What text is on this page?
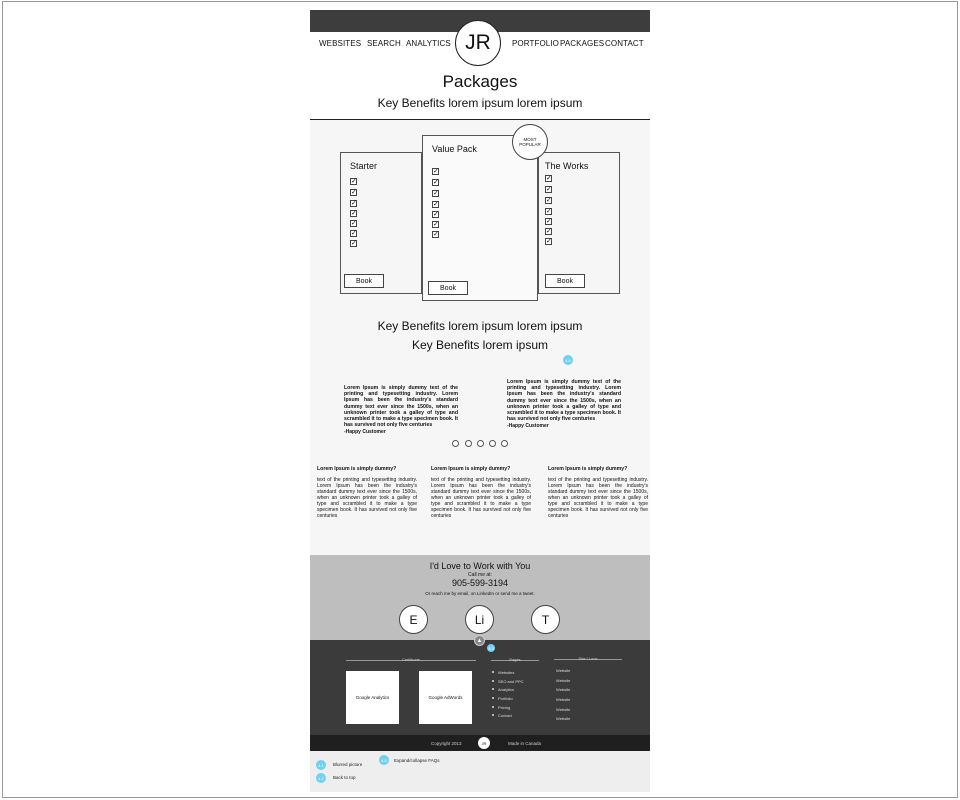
WEBSITES SEARCH ANALYTICS	PORTFOLIO PACKAGES CONTACT
JR
Packages
Key Benefits lorem ipsum lorem ipsum
Starter
✓
✓
✓
✓
✓
✓
✓
Book
The Works
✓
✓
✓
✓
✓
✓
✓
Book
Value Pack
✓
✓
✓
✓
✓
✓
✓
Book
MOST POPULAR
Key Benefits lorem ipsum lorem ipsum
Key Benefits lorem ipsum
4.5
Lorem Ipsum is simply dummy text of the printing and typesetting industry. Lorem Ipsum has been the industry's standard dummy text ever since the 1500s, when an unknown printer took a galley of type and scrambled it to make a type specimen book. It has survived not only five centuries
-Happy Customer
Lorem Ipsum is simply dummy text of the printing and typesetting industry. Lorem Ipsum has been the industry's standard dummy text ever since the 1500s, when an unknown printer took a galley of type and scrambled it to make a type specimen book. It has survived not only five centuries
-Happy Customer
Lorem Ipsum is simply dummy?
text of the printing and typesetting industry. Lorem Ipsum has been the industry's standard dummy text ever since the 1500s, when an unknown printer took a galley of type and scrambled it to make a type specimen book. It has survived not only five centuries
Lorem Ipsum is simply dummy?
text of the printing and typesetting industry. Lorem Ipsum has been the industry's standard dummy text ever since the 1500s, when an unknown printer took a galley of type and scrambled it to make a type specimen book. It has survived not only five centuries
Lorem Ipsum is simply dummy?
text of the printing and typesetting industry. Lorem Ipsum has been the industry's standard dummy text ever since the 1500s, when an unknown printer took a galley of type and scrambled it to make a type specimen book. It has survived not only five centuries
I'd Love to Work with You
Call me at:
905-599-3194
Or reach me by email, on LinkedIn or send me a tweet.
E	Li	T
▲
4.3
Certificate	Pages	Site I Love
Google Analytics	Google AdWords
Websites
SEO and PPC
Analytics
Portfolio
Pricing
Contact
Website
Website
Website
Website
Website
Website
Copyright 2013	Made in Canada
JR
4.1	Blurred picture
4.2	Back to top
4.5	Expand/collapse FAQs
